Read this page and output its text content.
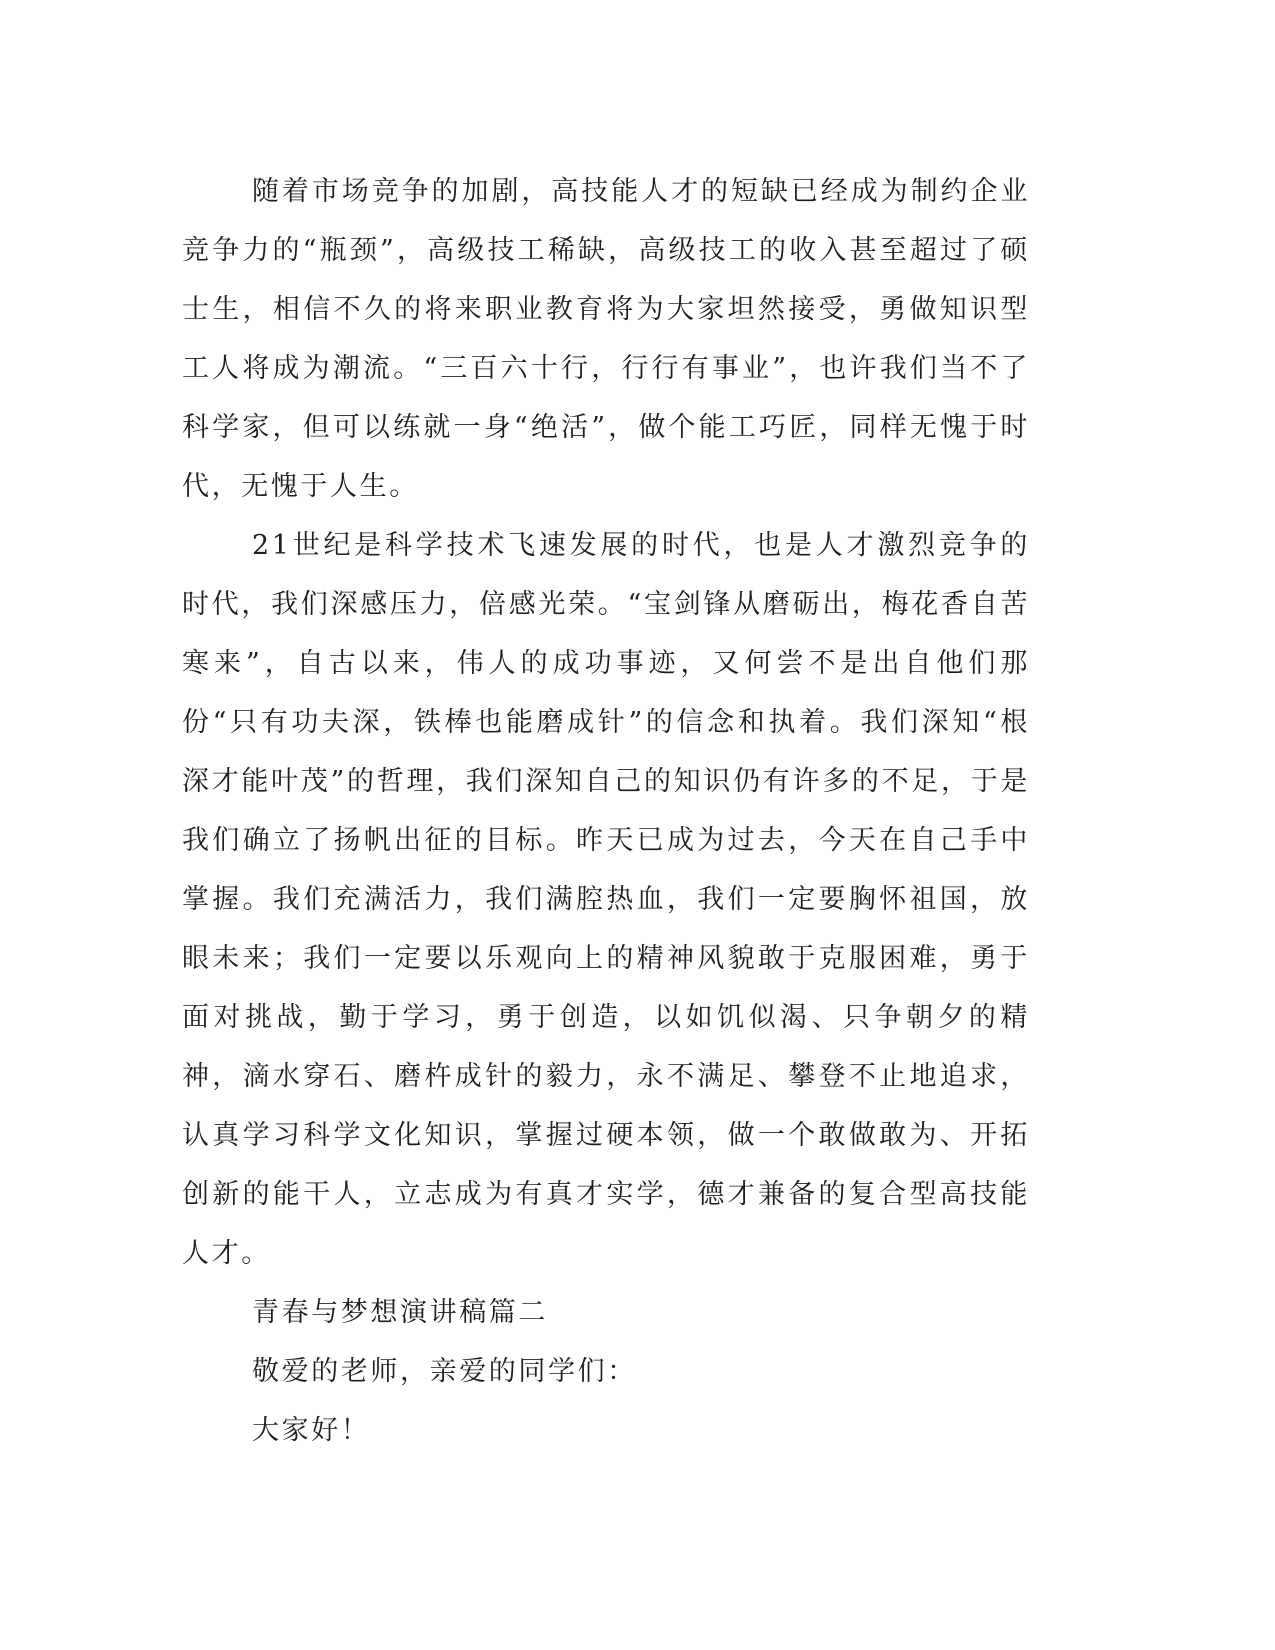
随着市场竞争的加剧，高技能人才的短缺已经成为制约企业竞争力的“瓶颈”，高级技工稀缺，高级技工的收入甚至超过了硕士生，相信不久的将来职业教育将为大家坦然接受，勇做知识型工人将成为潮流。“三百六十行，行行有事业”，也许我们当不了科学家，但可以练就一身“绝活”，做个能工巧匠，同样无愧于时代，无愧于人生。

21世纪是科学技术飞速发展的时代，也是人才激烈竞争的时代，我们深感压力，倍感光荣。“宝剑锋从磨砺出，梅花香自苦寒来”，自古以来，伟人的成功事迹，又何尝不是出自他们那份“只有功夫深，铁棒也能磨成针”的信念和执着。我们深知“根深才能叶茂”的哲理，我们深知自己的知识仍有许多的不足，于是我们确立了扬帆出征的目标。昨天已成为过去，今天在自己手中掌握。我们充满活力，我们满腔热血，我们一定要胸怀祖国，放眼未来；我们一定要以乐观向上的精神风貌敢于克服困难，勇于面对挑战，勤于学习，勇于创造，以如饥似渴、只争朝夕的精神，滴水穿石、磨杵成针的毅力，永不满足、攀登不止地追求，认真学习科学文化知识，掌握过硬本领，做一个敢做敢为、开拓创新的能干人，立志成为有真才实学，德才兼备的复合型高技能人才。

青春与梦想演讲稿篇二

敬爱的老师，亲爱的同学们：

大家好！
